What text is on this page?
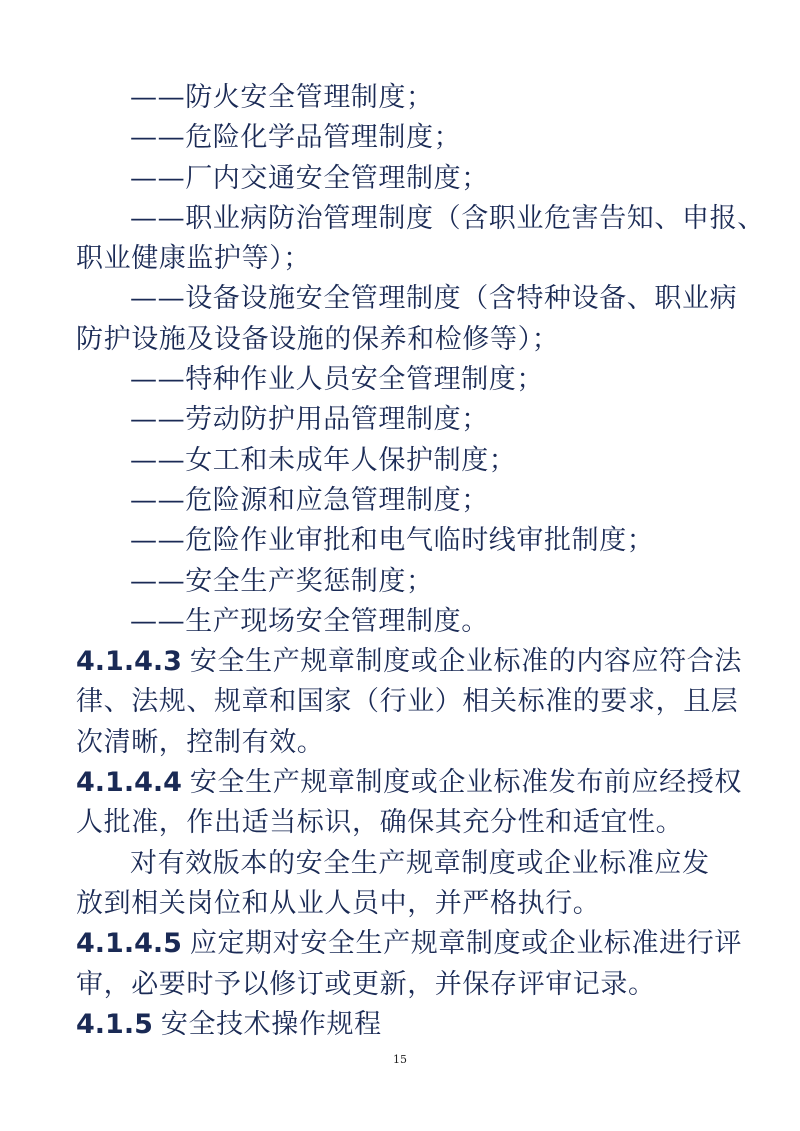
——防火安全管理制度；
——危险化学品管理制度；
——厂内交通安全管理制度；
——职业病防治管理制度（含职业危害告知、申报、
职业健康监护等）；
——设备设施安全管理制度（含特种设备、职业病
防护设施及设备设施的保养和检修等）；
——特种作业人员安全管理制度；
——劳动防护用品管理制度；
——女工和未成年人保护制度；
——危险源和应急管理制度；
——危险作业审批和电气临时线审批制度；
——安全生产奖惩制度；
——生产现场安全管理制度。
4.1.4.3 安全生产规章制度或企业标准的内容应符合法
律、法规、规章和国家（行业）相关标准的要求，且层
次清晰，控制有效。
4.1.4.4 安全生产规章制度或企业标准发布前应经授权
人批准，作出适当标识，确保其充分性和适宜性。
对有效版本的安全生产规章制度或企业标准应发
放到相关岗位和从业人员中，并严格执行。
4.1.4.5 应定期对安全生产规章制度或企业标准进行评
审，必要时予以修订或更新，并保存评审记录。
4.1.5 安全技术操作规程
15
